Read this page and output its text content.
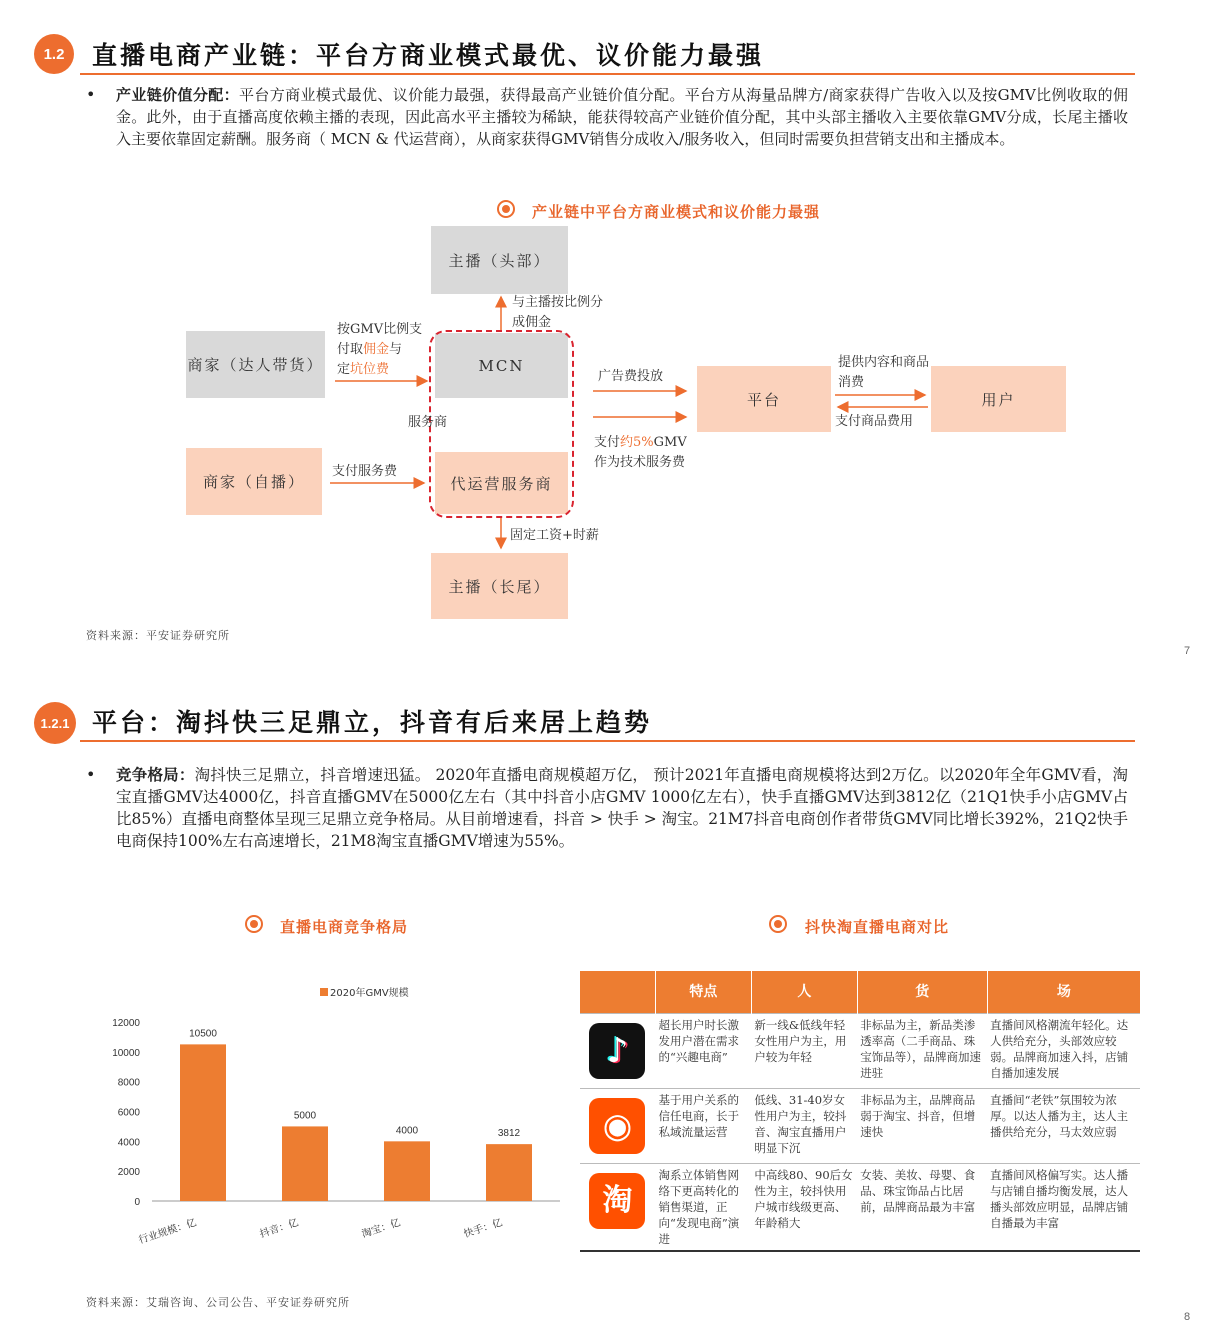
1.2	直播电商产业链：平台方商业模式最优、议价能力最强
• 产业链价值分配：平台方商业模式最优、议价能力最强，获得最高产业链价值分配。平台方从海量品牌方/商家获得广告收入以及按GMV比例收取的佣金。此外，由于直播高度依赖主播的表现，因此高水平主播较为稀缺，能获得较高产业链价值分配，其中头部主播收入主要依靠GMV分成，长尾主播收入主要依靠固定薪酬。服务商（ MCN & 代运营商），从商家获得GMV销售分成收入/服务收入，但同时需要负担营销支出和主播成本。
产业链中平台方商业模式和议价能力最强
主播（头部）
商家（达人带货）	MCN
商家（自播）	代运营服务商
主播（长尾）
平台	用户
与主播按比例分成佣金
按GMV比例支
付取佣金与
定坑位费
服务商
支付服务费
广告费投放
支付约5%GMV作为技术服务费
提供内容和商品消费
支付商品费用
固定工资+时薪
资料来源：平安证券研究所
7
1.2.1 平台：淘抖快三足鼎立，抖音有后来居上趋势
• 竞争格局：淘抖快三足鼎立，抖音增速迅猛。 2020年直播电商规模超万亿， 预计2021年直播电商规模将达到2万亿。以2020年全年GMV看，淘宝直播GMV达4000亿，抖音直播GMV在5000亿左右（其中抖音小店GMV 1000亿左右），快手直播GMV达到3812亿（21Q1快手小店GMV占比85%）直播电商整体呈现三足鼎立竞争格局。从目前增速看，抖音 > 快手 > 淘宝。21M7抖音电商创作者带货GMV同比增长392%，21Q2快手电商保持100%左右高速增长，21M8淘宝直播GMV增速为55%。
直播电商竞争格局	抖快淘直播电商对比
2020年GMV规模
0
2000
4000
6000
8000
10000
12000
10500
行业规模：亿
5000
抖音：亿
4000
淘宝：亿
3812
快手：亿
	特点	人	货	场

♪	超长用户时长激发用户潜在需求的“兴趣电商”	新一线&低线年轻女性用户为主，用户较为年轻	非标品为主，新品类渗透率高（二手商品、珠宝饰品等），品牌商加速进驻	直播间风格潮流年轻化。达人供给充分，头部效应较弱。品牌商加速入抖，店铺自播加速发展

◉	基于用户关系的信任电商，长于私域流量运营	低线、31-40岁女性用户为主，较抖音、淘宝直播用户明显下沉	非标品为主，品牌商品弱于淘宝、抖音，但增速快	直播间“老铁”氛围较为浓厚。以达人播为主，达人主播供给充分，马太效应弱

淘	淘系立体销售网络下更高转化的销售渠道，正向“发现电商”演进	中高线80、90后女性为主，较抖快用户城市线级更高、年龄稍大	女装、美妆、母婴、食品、珠宝饰品占比居前，品牌商品最为丰富	直播间风格偏写实。达人播与店铺自播均衡发展，达人播头部效应明显，品牌店铺自播最为丰富
资料来源：艾瑞咨询、公司公告、平安证券研究所
8
